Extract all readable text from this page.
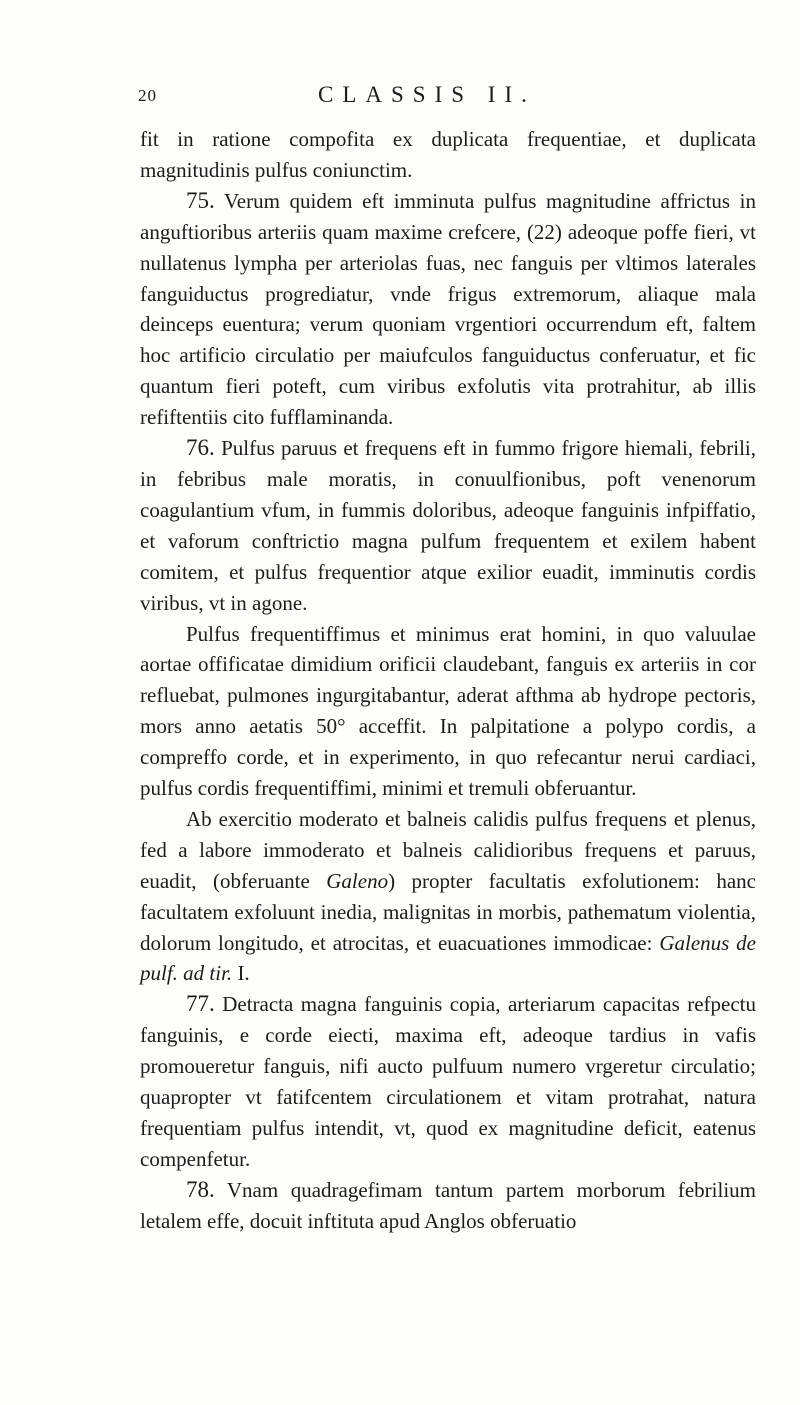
20	CLASSIS II.

fit in ratione compofita ex duplicata frequentiae, et duplicata magnitudinis pulfus coniunctim.

75. Verum quidem eft imminuta pulfus magnitudine affrictus in anguftioribus arteriis quam maxime crefcere, (22) adeoque poffe fieri, vt nullatenus lympha per arteriolas fuas, nec fanguis per vltimos laterales fanguiductus progrediatur, vnde frigus extremorum, aliaque mala deinceps euentura; verum quoniam vrgentiori occurrendum eft, faltem hoc artificio circulatio per maiufculos fanguiductus conferuatur, et fic quantum fieri poteft, cum viribus exfolutis vita protrahitur, ab illis refiftentiis cito fufflaminanda.

76. Pulfus paruus et frequens eft in fummo frigore hiemali, febrili, in febribus male moratis, in conuulfionibus, poft venenorum coagulantium vfum, in fummis doloribus, adeoque fanguinis infpiffatio, et vaforum conftrictio magna pulfum frequentem et exilem habent comitem, et pulfus frequentior atque exilior euadit, imminutis cordis viribus, vt in agone.

Pulfus frequentiffimus et minimus erat homini, in quo valuulae aortae offificatae dimidium orificii claudebant, fanguis ex arteriis in cor refluebat, pulmones ingurgitabantur, aderat afthma ab hydrope pectoris, mors anno aetatis 50° acceffit. In palpitatione a polypo cordis, a compreffo corde, et in experimento, in quo refecantur nerui cardiaci, pulfus cordis frequentiffimi, minimi et tremuli obferuantur.

Ab exercitio moderato et balneis calidis pulfus frequens et plenus, fed a labore immoderato et balneis calidioribus frequens et paruus, euadit, (obferuante Galeno) propter facultatis exfolutionem: hanc facultatem exfoluunt inedia, malignitas in morbis, pathematum violentia, dolorum longitudo, et atrocitas, et euacuationes immodicae: Galenus de pulf. ad tir. I.

77. Detracta magna fanguinis copia, arteriarum capacitas refpectu fanguinis, e corde eiecti, maxima eft, adeoque tardius in vafis promoueretur fanguis, nifi aucto pulfuum numero vrgeretur circulatio; quapropter vt fatifcentem circulationem et vitam protrahat, natura frequentiam pulfus intendit, vt, quod ex magnitudine deficit, eatenus compenfetur.

78. Vnam quadragefimam tantum partem morborum febrilium letalem effe, docuit inftituta apud Anglos obferuatio
